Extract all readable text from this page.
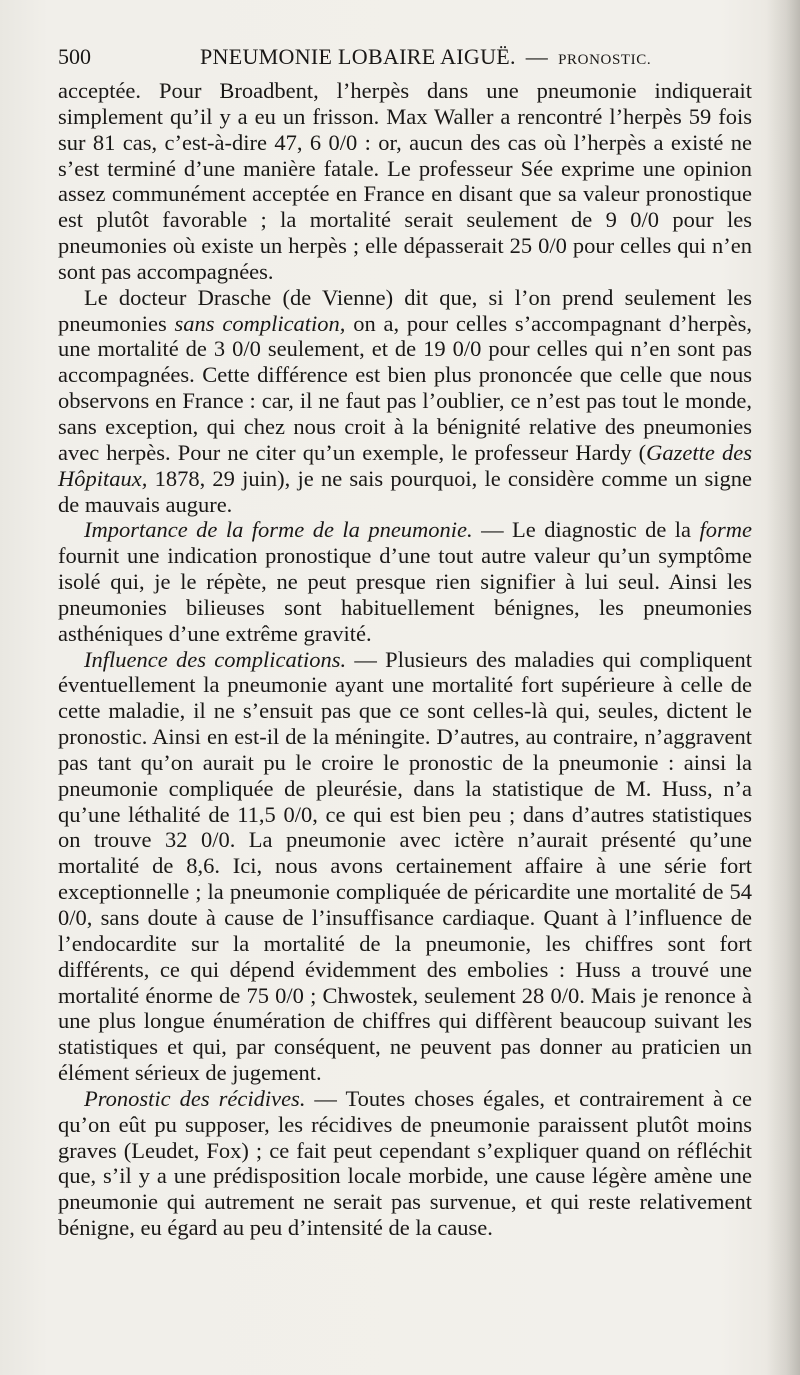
500	PNEUMONIE LOBAIRE AIGUË. — PRONOSTIC.

acceptée. Pour Broadbent, l’herpès dans une pneumonie indiquerait simplement qu’il y a eu un frisson. Max Waller a rencontré l’herpès 59 fois sur 81 cas, c’est-à-dire 47, 6 0/0 : or, aucun des cas où l’herpès a existé ne s’est terminé d’une manière fatale. Le professeur Sée exprime une opinion assez communément acceptée en France en disant que sa valeur pronostique est plutôt favorable ; la mortalité serait seulement de 9 0/0 pour les pneumonies où existe un herpès ; elle dépasserait 25 0/0 pour celles qui n’en sont pas accompagnées.

Le docteur Drasche (de Vienne) dit que, si l’on prend seulement les pneumonies sans complication, on a, pour celles s’accompagnant d’herpès, une mortalité de 3 0/0 seulement, et de 19 0/0 pour celles qui n’en sont pas accompagnées. Cette différence est bien plus prononcée que celle que nous observons en France : car, il ne faut pas l’oublier, ce n’est pas tout le monde, sans exception, qui chez nous croit à la bénignité relative des pneumonies avec herpès. Pour ne citer qu’un exemple, le professeur Hardy (Gazette des Hôpitaux, 1878, 29 juin), je ne sais pourquoi, le considère comme un signe de mauvais augure.

Importance de la forme de la pneumonie. — Le diagnostic de la forme fournit une indication pronostique d’une tout autre valeur qu’un symptôme isolé qui, je le répète, ne peut presque rien signifier à lui seul. Ainsi les pneumonies bilieuses sont habituellement bénignes, les pneumonies asthéniques d’une extrême gravité.

Influence des complications. — Plusieurs des maladies qui compliquent éventuellement la pneumonie ayant une mortalité fort supérieure à celle de cette maladie, il ne s’ensuit pas que ce sont celles-là qui, seules, dictent le pronostic. Ainsi en est-il de la méningite. D’autres, au contraire, n’aggravent pas tant qu’on aurait pu le croire le pronostic de la pneumonie : ainsi la pneumonie compliquée de pleurésie, dans la statistique de M. Huss, n’a qu’une léthalité de 11,5 0/0, ce qui est bien peu ; dans d’autres statistiques on trouve 32 0/0. La pneumonie avec ictère n’aurait présenté qu’une mortalité de 8,6. Ici, nous avons certainement affaire à une série fort exceptionnelle ; la pneumonie compliquée de péricardite une mortalité de 54 0/0, sans doute à cause de l’insuffisance cardiaque. Quant à l’influence de l’endocardite sur la mortalité de la pneumonie, les chiffres sont fort différents, ce qui dépend évidemment des embolies : Huss a trouvé une mortalité énorme de 75 0/0 ; Chwostek, seulement 28 0/0. Mais je renonce à une plus longue énumération de chiffres qui diffèrent beaucoup suivant les statistiques et qui, par conséquent, ne peuvent pas donner au praticien un élément sérieux de jugement.

Pronostic des récidives. — Toutes choses égales, et contrairement à ce qu’on eût pu supposer, les récidives de pneumonie paraissent plutôt moins graves (Leudet, Fox) ; ce fait peut cependant s’expliquer quand on réfléchit que, s’il y a une prédisposition locale morbide, une cause légère amène une pneumonie qui autrement ne serait pas survenue, et qui reste relativement bénigne, eu égard au peu d’intensité de la cause.
